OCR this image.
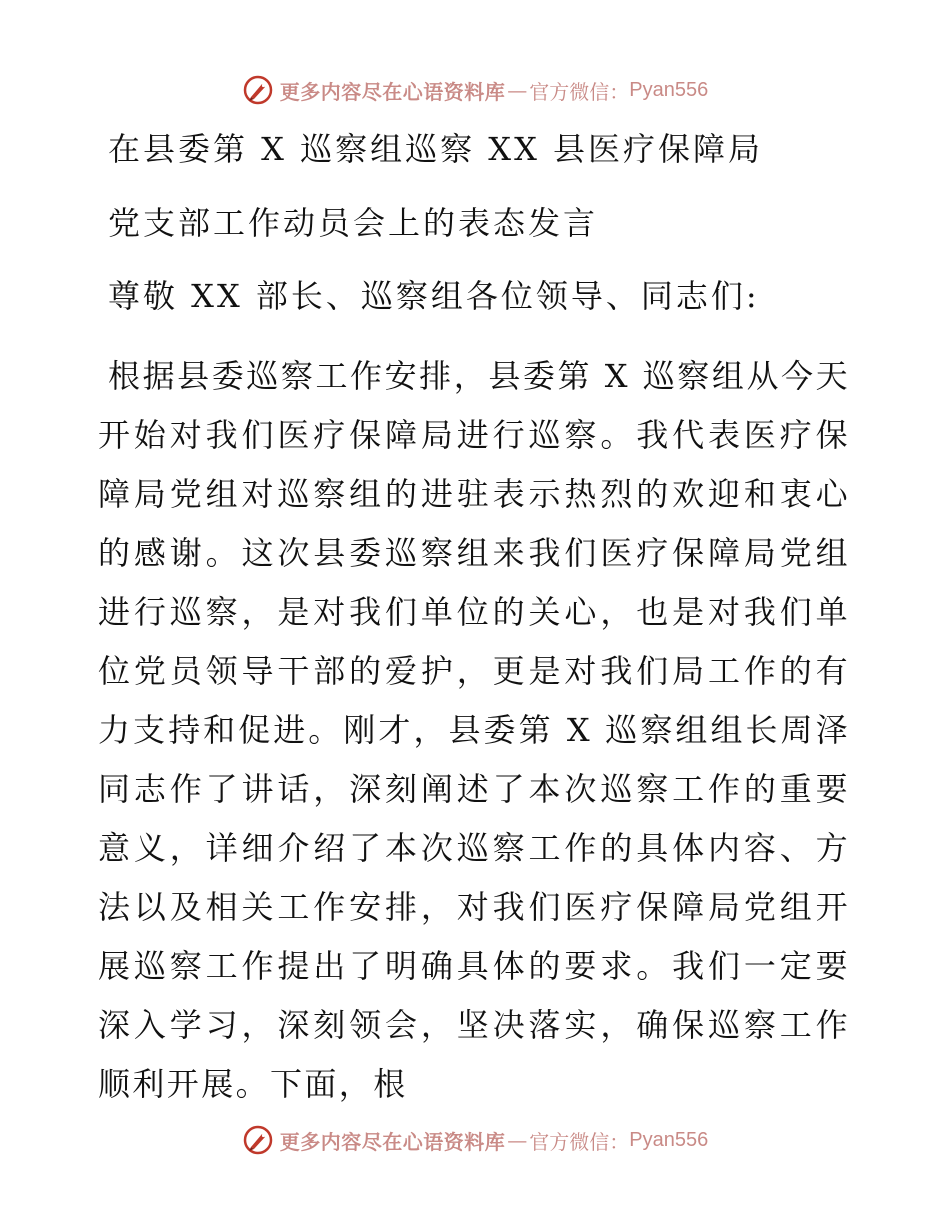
更多内容尽在心语资料库 — 官方微信： Pyan556
在县委第 X 巡察组巡察 XX 县医疗保障局
党支部工作动员会上的表态发言
尊敬 XX 部长、巡察组各位领导、同志们:
根据县委巡察工作安排，县委第 X 巡察组从今天开始对我们医疗保障局进行巡察。我代表医疗保障局党组对巡察组的进驻表示热烈的欢迎和衷心的感谢。这次县委巡察组来我们医疗保障局党组进行巡察，是对我们单位的关心，也是对我们单位党员领导干部的爱护，更是对我们局工作的有力支持和促进。刚才，县委第 X 巡察组组长周泽同志作了讲话，深刻阐述了本次巡察工作的重要意义，详细介绍了本次巡察工作的具体内容、方法以及相关工作安排，对我们医疗保障局党组开展巡察工作提出了明确具体的要求。我们一定要深入学习，深刻领会，坚决落实，确保巡察工作顺利开展。下面，根
更多内容尽在心语资料库 — 官方微信： Pyan556
